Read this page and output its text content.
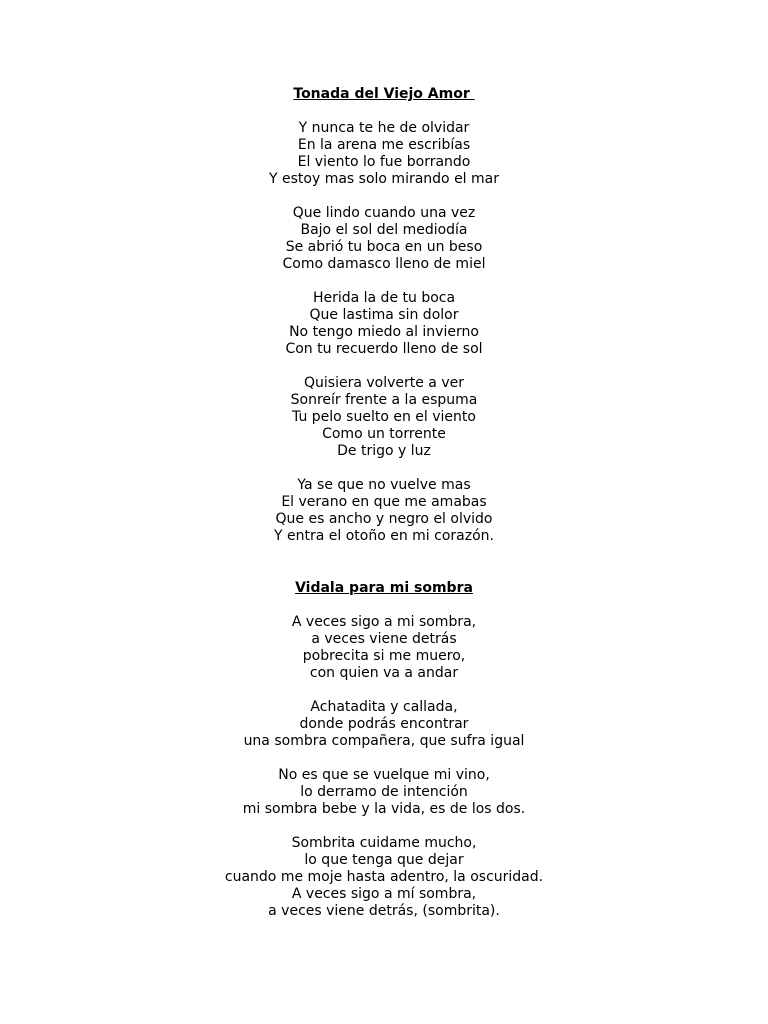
Tonada del Viejo Amor
Y nunca te he de olvidar
En la arena me escribías
El viento lo fue borrando
Y estoy mas solo mirando el mar
Que lindo cuando una vez
Bajo el sol del mediodía
Se abrió tu boca en un beso
Como damasco lleno de miel
Herida la de tu boca
Que lastima sin dolor
No tengo miedo al invierno
Con tu recuerdo lleno de sol
Quisiera volverte a ver
Sonreír frente a la espuma
Tu pelo suelto en el viento
Como un torrente
De trigo y luz
Ya se que no vuelve mas
El verano en que me amabas
Que es ancho y negro el olvido
Y entra el otoño en mi corazón.
Vidala para mi sombra
A veces sigo a mi sombra,
a veces viene detrás
pobrecita si me muero,
con quien va a andar
Achatadita y callada,
donde podrás encontrar
una sombra compañera, que sufra igual
No es que se vuelque mi vino,
lo derramo de intención
mi sombra bebe y la vida, es de los dos.
Sombrita cuidame mucho,
lo que tenga que dejar
cuando me moje hasta adentro, la oscuridad.
A veces sigo a mí sombra,
a veces viene detrás, (sombrita).
